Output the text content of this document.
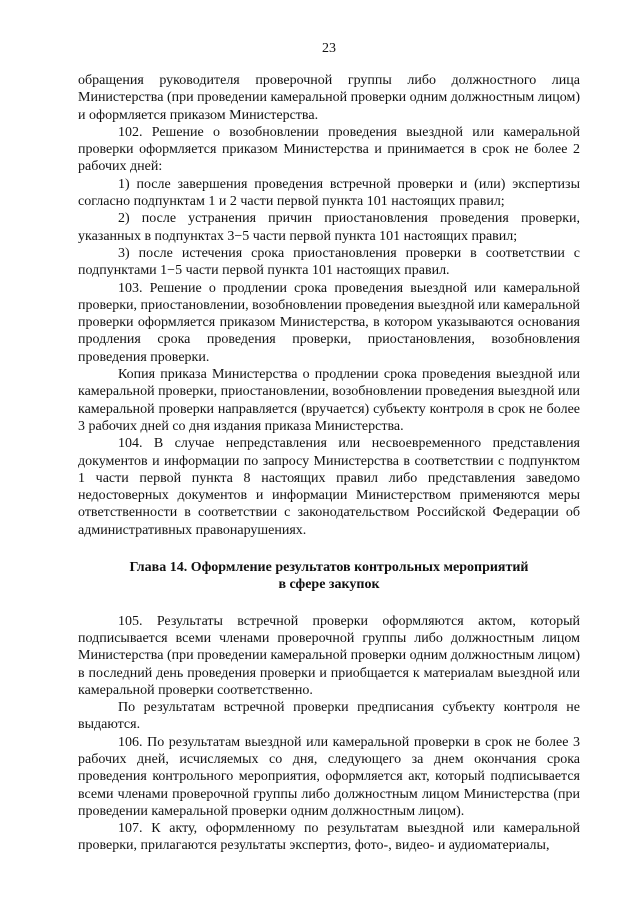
23

обращения руководителя проверочной группы либо должностного лица Министерства (при проведении камеральной проверки одним должностным лицом) и оформляется приказом Министерства.

102. Решение о возобновлении проведения выездной или камеральной проверки оформляется приказом Министерства и принимается в срок не более 2 рабочих дней:

1) после завершения проведения встречной проверки и (или) экспертизы согласно подпунктам 1 и 2 части первой пункта 101 настоящих правил;

2) после устранения причин приостановления проведения проверки, указанных в подпунктах 3−5 части первой пункта 101 настоящих правил;

3) после истечения срока приостановления проверки в соответствии с подпунктами 1−5 части первой пункта 101 настоящих правил.

103. Решение о продлении срока проведения выездной или камеральной проверки, приостановлении, возобновлении проведения выездной или камеральной проверки оформляется приказом Министерства, в котором указываются основания продления срока проведения проверки, приостановления, возобновления проведения проверки.

Копия приказа Министерства о продлении срока проведения выездной или камеральной проверки, приостановлении, возобновлении проведения выездной или камеральной проверки направляется (вручается) субъекту контроля в срок не более 3 рабочих дней со дня издания приказа Министерства.

104. В случае непредставления или несвоевременного представления документов и информации по запросу Министерства в соответствии с подпунктом 1 части первой пункта 8 настоящих правил либо представления заведомо недостоверных документов и информации Министерством применяются меры ответственности в соответствии с законодательством Российской Федерации об административных правонарушениях.

Глава 14. Оформление результатов контрольных мероприятий
в сфере закупок

105. Результаты встречной проверки оформляются актом, который подписывается всеми членами проверочной группы либо должностным лицом Министерства (при проведении камеральной проверки одним должностным лицом) в последний день проведения проверки и приобщается к материалам выездной или камеральной проверки соответственно.

По результатам встречной проверки предписания субъекту контроля не выдаются.

106. По результатам выездной или камеральной проверки в срок не более 3 рабочих дней, исчисляемых со дня, следующего за днем окончания срока проведения контрольного мероприятия, оформляется акт, который подписывается всеми членами проверочной группы либо должностным лицом Министерства (при проведении камеральной проверки одним должностным лицом).

107. К акту, оформленному по результатам выездной или камеральной проверки, прилагаются результаты экспертиз, фото-, видео- и аудиоматериалы,
